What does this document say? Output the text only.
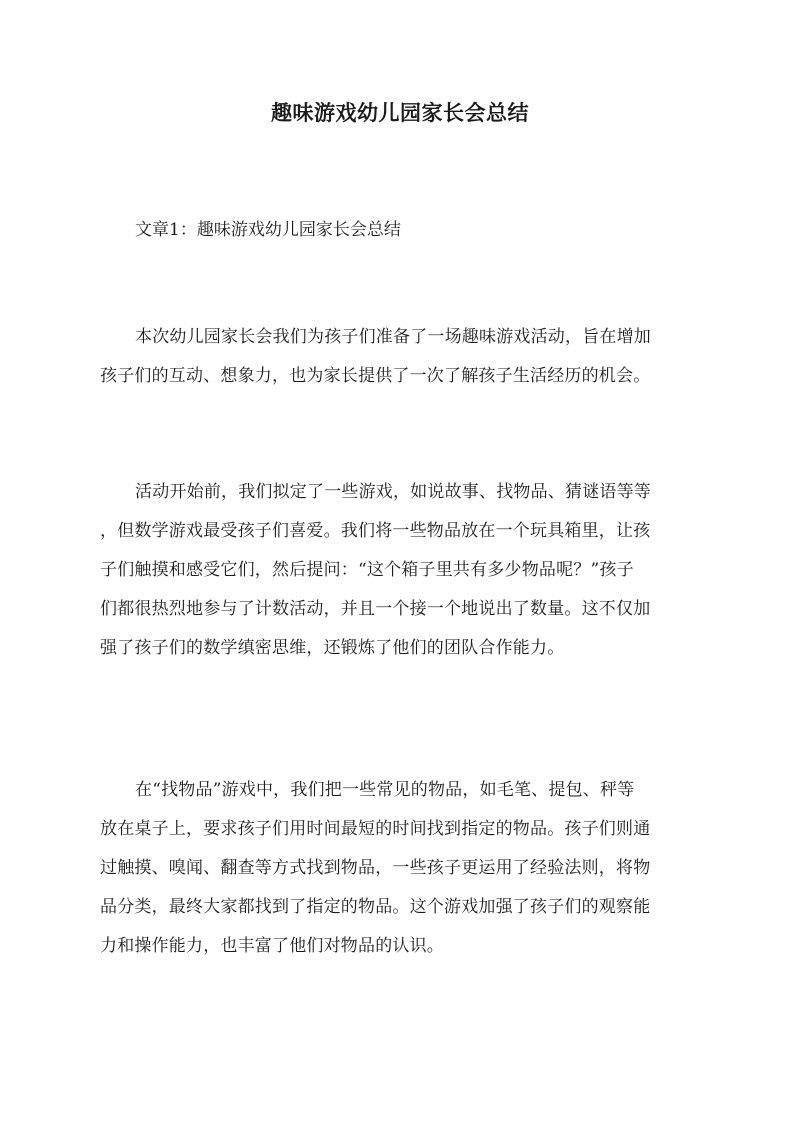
趣味游戏幼儿园家长会总结

文章1：趣味游戏幼儿园家长会总结

本次幼儿园家长会我们为孩子们准备了一场趣味游戏活动，旨在增加
孩子们的互动、想象力，也为家长提供了一次了解孩子生活经历的机会。

活动开始前，我们拟定了一些游戏，如说故事、找物品、猜谜语等等
，但数学游戏最受孩子们喜爱。我们将一些物品放在一个玩具箱里，让孩
子们触摸和感受它们，然后提问：“这个箱子里共有多少物品呢？”孩子
们都很热烈地参与了计数活动，并且一个接一个地说出了数量。这不仅加
强了孩子们的数学缜密思维，还锻炼了他们的团队合作能力。

在“找物品”游戏中，我们把一些常见的物品，如毛笔、提包、秤等
放在桌子上，要求孩子们用时间最短的时间找到指定的物品。孩子们则通
过触摸、嗅闻、翻查等方式找到物品，一些孩子更运用了经验法则，将物
品分类，最终大家都找到了指定的物品。这个游戏加强了孩子们的观察能
力和操作能力，也丰富了他们对物品的认识。
